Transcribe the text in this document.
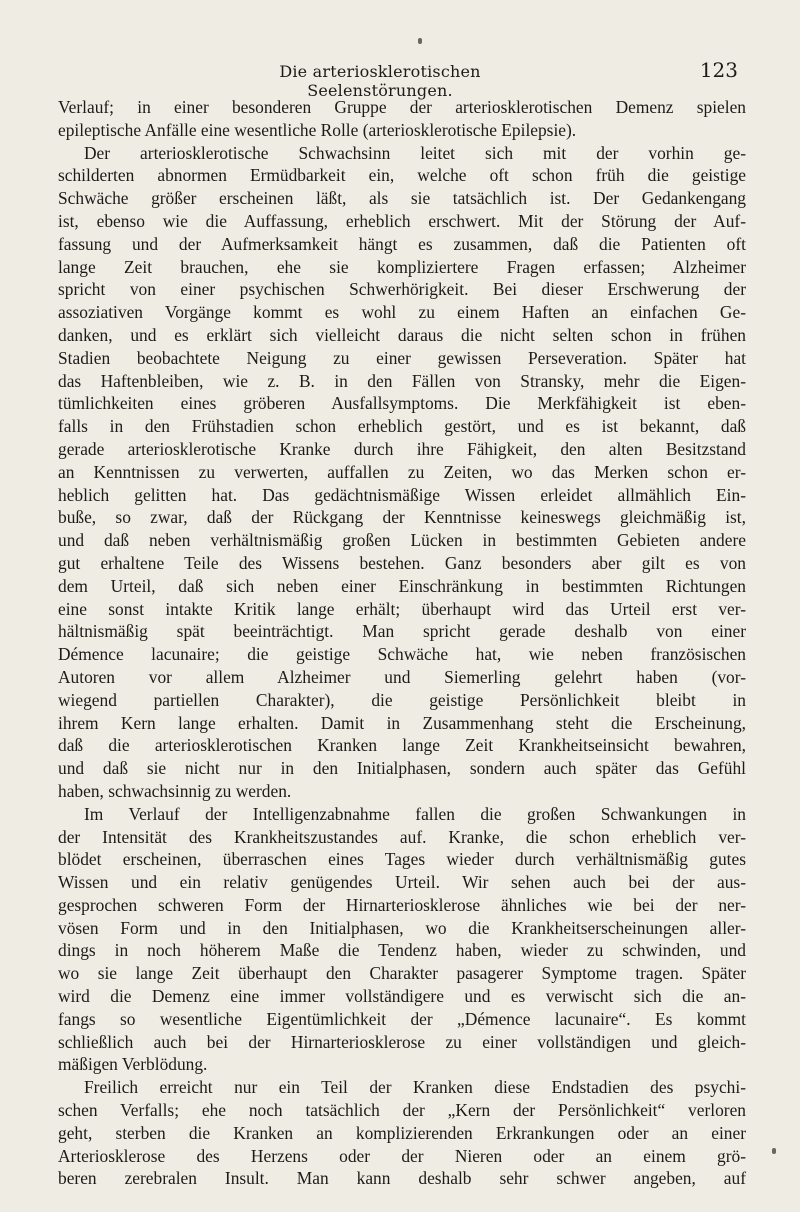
Die arteriosklerotischen Seelenstörungen.
123
Verlauf; in einer besonderen Gruppe der arteriosklerotischen Demenz spielen
epileptische Anfälle eine wesentliche Rolle (arteriosklerotische Epilepsie).
Der arteriosklerotische Schwachsinn leitet sich mit der vorhin ge-
schilderten abnormen Ermüdbarkeit ein, welche oft schon früh die geistige
Schwäche größer erscheinen läßt, als sie tatsächlich ist. Der Gedankengang
ist, ebenso wie die Auffassung, erheblich erschwert. Mit der Störung der Auf-
fassung und der Aufmerksamkeit hängt es zusammen, daß die Patienten oft
lange Zeit brauchen, ehe sie kompliziertere Fragen erfassen; Alzheimer
spricht von einer psychischen Schwerhörigkeit. Bei dieser Erschwerung der
assoziativen Vorgänge kommt es wohl zu einem Haften an einfachen Ge-
danken, und es erklärt sich vielleicht daraus die nicht selten schon in frühen
Stadien beobachtete Neigung zu einer gewissen Perseveration. Später hat
das Haftenbleiben, wie z. B. in den Fällen von Stransky, mehr die Eigen-
tümlichkeiten eines gröberen Ausfallsymptoms. Die Merkfähigkeit ist eben-
falls in den Frühstadien schon erheblich gestört, und es ist bekannt, daß
gerade arteriosklerotische Kranke durch ihre Fähigkeit, den alten Besitzstand
an Kenntnissen zu verwerten, auffallen zu Zeiten, wo das Merken schon er-
heblich gelitten hat. Das gedächtnismäßige Wissen erleidet allmählich Ein-
buße, so zwar, daß der Rückgang der Kenntnisse keineswegs gleichmäßig ist,
und daß neben verhältnismäßig großen Lücken in bestimmten Gebieten andere
gut erhaltene Teile des Wissens bestehen. Ganz besonders aber gilt es von
dem Urteil, daß sich neben einer Einschränkung in bestimmten Richtungen
eine sonst intakte Kritik lange erhält; überhaupt wird das Urteil erst ver-
hältnismäßig spät beeinträchtigt. Man spricht gerade deshalb von einer
Démence lacunaire; die geistige Schwäche hat, wie neben französischen
Autoren vor allem Alzheimer und Siemerling gelehrt haben (vor-
wiegend partiellen Charakter), die geistige Persönlichkeit bleibt in
ihrem Kern lange erhalten. Damit in Zusammenhang steht die Erscheinung,
daß die arteriosklerotischen Kranken lange Zeit Krankheitseinsicht bewahren,
und daß sie nicht nur in den Initialphasen, sondern auch später das Gefühl
haben, schwachsinnig zu werden.
Im Verlauf der Intelligenzabnahme fallen die großen Schwankungen in
der Intensität des Krankheitszustandes auf. Kranke, die schon erheblich ver-
blödet erscheinen, überraschen eines Tages wieder durch verhältnismäßig gutes
Wissen und ein relativ genügendes Urteil. Wir sehen auch bei der aus-
gesprochen schweren Form der Hirnarteriosklerose ähnliches wie bei der ner-
vösen Form und in den Initialphasen, wo die Krankheitserscheinungen aller-
dings in noch höherem Maße die Tendenz haben, wieder zu schwinden, und
wo sie lange Zeit überhaupt den Charakter pasagerer Symptome tragen. Später
wird die Demenz eine immer vollständigere und es verwischt sich die an-
fangs so wesentliche Eigentümlichkeit der „Démence lacunaire“. Es kommt
schließlich auch bei der Hirnarteriosklerose zu einer vollständigen und gleich-
mäßigen Verblödung.
Freilich erreicht nur ein Teil der Kranken diese Endstadien des psychi-
schen Verfalls; ehe noch tatsächlich der „Kern der Persönlichkeit“ verloren
geht, sterben die Kranken an komplizierenden Erkrankungen oder an einer
Arteriosklerose des Herzens oder der Nieren oder an einem grö-
beren zerebralen Insult. Man kann deshalb sehr schwer angeben, auf
